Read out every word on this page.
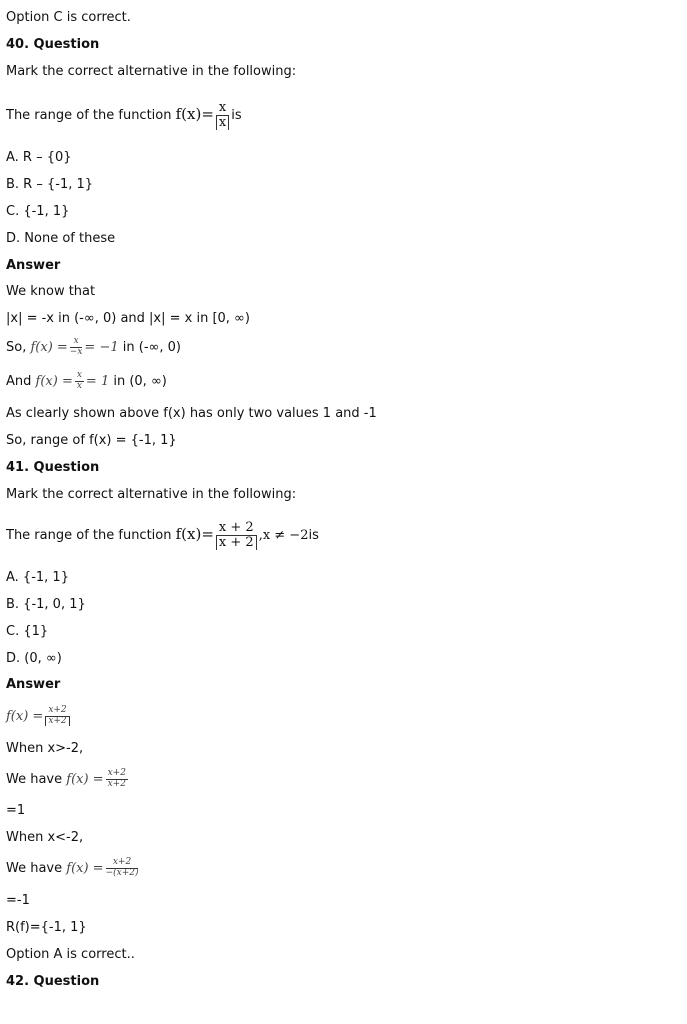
Option C is correct.
40. Question
Mark the correct alternative in the following:
The range of the function $f(x)= \frac{x}{x}$ is
A. R – {0}
B. R – {-1, 1}
C. {-1, 1}
D. None of these
Answer
We know that
|x| = -x in (-∞, 0) and |x| = x in [0, ∞)
So, $f(x) = \frac{x}{-x} = -1$ in (-∞, 0)
And $f(x) = \frac{x}{x} = 1$ in (0, ∞)
As clearly shown above f(x) has only two values 1 and -1
So, range of f(x) = {-1, 1}
41. Question
Mark the correct alternative in the following:
The range of the function $f(x)= \frac{x + 2}{x + 2} ,x \ne -2is$
A. {-1, 1}
B. {-1, 0, 1}
C. {1}
D. (0, ∞)
Answer
$f(x) = \frac{x+2}{x+2}$
When x>-2,
We have $f(x) = \frac{x+2}{x+2}$
=1
When x<-2,
We have $f(x) = \frac{x+2}{-(x+2)}$
=-1
R(f)={-1, 1}
Option A is correct..
42. Question
